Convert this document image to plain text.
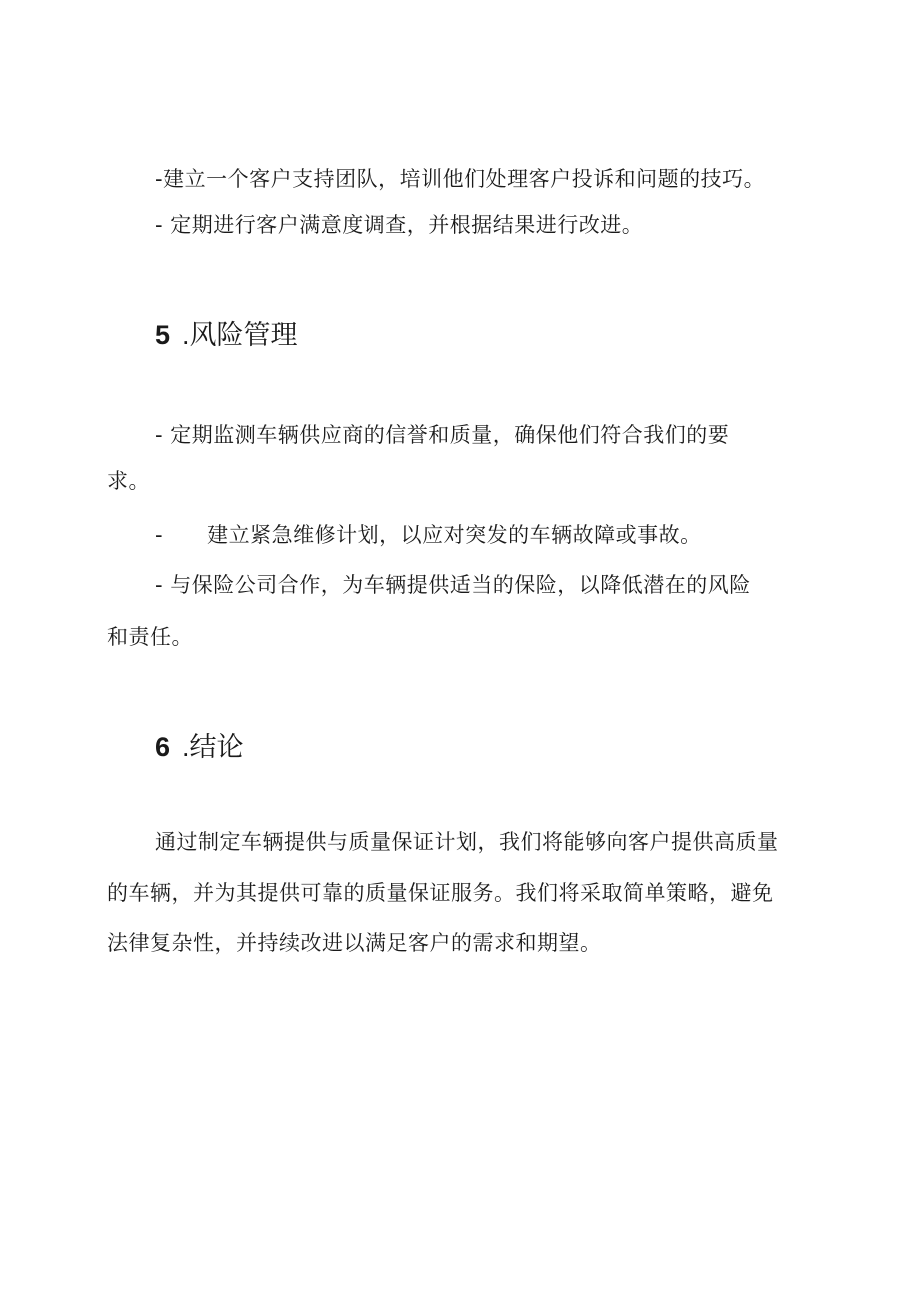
-建立一个客户支持团队，培训他们处理客户投诉和问题的技巧。
- 定期进行客户满意度调查，并根据结果进行改进。
5 .风险管理
- 定期监测车辆供应商的信誉和质量，确保他们符合我们的要
求。
- 建立紧急维修计划，以应对突发的车辆故障或事故。
- 与保险公司合作，为车辆提供适当的保险，以降低潜在的风险
和责任。
6 .结论
通过制定车辆提供与质量保证计划，我们将能够向客户提供高质量
的车辆，并为其提供可靠的质量保证服务。我们将采取简单策略，避免
法律复杂性，并持续改进以满足客户的需求和期望。
